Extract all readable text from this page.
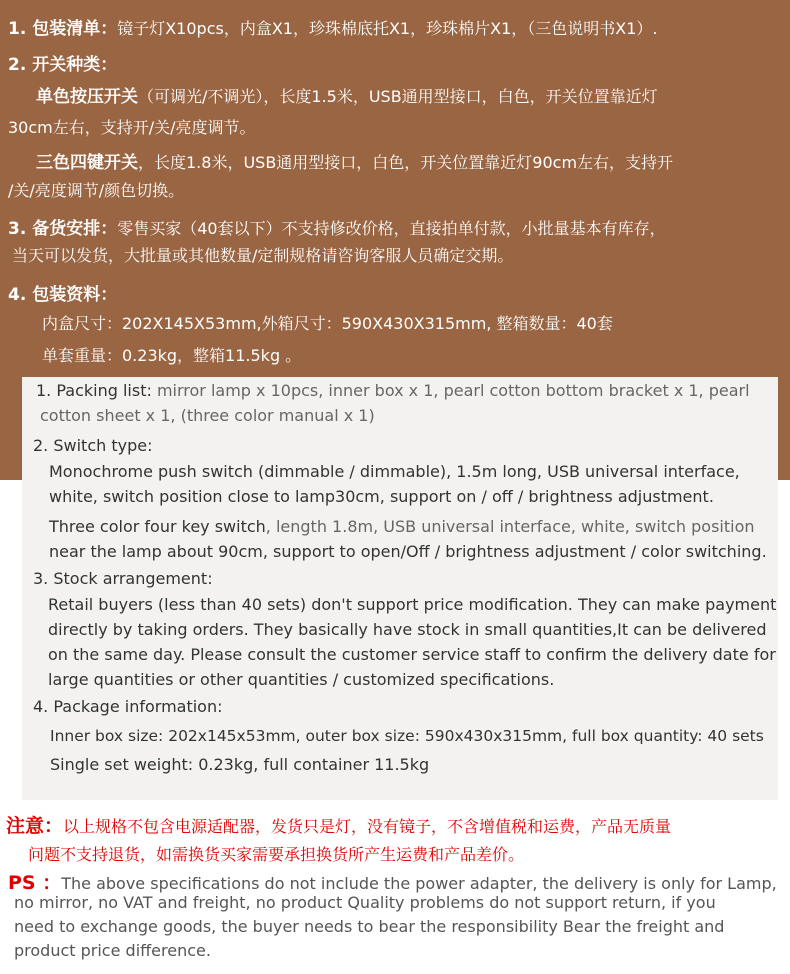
1. 包装清单：镜子灯X10pcs，内盒X1，珍珠棉底托X1，珍珠棉片X1，（三色说明书X1）.
2. 开关种类：
单色按压开关（可调光/不调光），长度1.5米，USB通用型接口，白色，开关位置靠近灯
30cm左右，支持开/关/亮度调节。
三色四键开关，长度1.8米，USB通用型接口，白色，开关位置靠近灯90cm左右，支持开
/关/亮度调节/颜色切换。
3. 备货安排：零售买家（40套以下）不支持修改价格，直接拍单付款，小批量基本有库存，
当天可以发货，大批量或其他数量/定制规格请咨询客服人员确定交期。
4. 包装资料：
内盒尺寸：202X145X53mm,外箱尺寸：590X430X315mm, 整箱数量：40套
单套重量：0.23kg，整箱11.5kg 。
1. Packing list: mirror lamp x 10pcs, inner box x 1, pearl cotton bottom bracket x 1, pearl
cotton sheet x 1, (three color manual x 1)
2. Switch type:
Monochrome push switch (dimmable / dimmable), 1.5m long, USB universal interface,
white, switch position close to lamp30cm, support on / off / brightness adjustment.
Three color four key switch, length 1.8m, USB universal interface, white, switch position
near the lamp about 90cm, support to open/Off / brightness adjustment / color switching.
3. Stock arrangement:
Retail buyers (less than 40 sets) don't support price modification. They can make payment
directly by taking orders. They basically have stock in small quantities,It can be delivered
on the same day. Please consult the customer service staff to confirm the delivery date for
large quantities or other quantities / customized specifications.
4. Package information:
Inner box size: 202x145x53mm, outer box size: 590x430x315mm, full box quantity: 40 sets
Single set weight: 0.23kg, full container 11.5kg
注意：以上规格不包含电源适配器，发货只是灯，没有镜子，不含增值税和运费，产品无质量
问题不支持退货，如需换货买家需要承担换货所产生运费和产品差价。
PS ：The above specifications do not include the power adapter, the delivery is only for Lamp,
no mirror, no VAT and freight, no product Quality problems do not support return, if you
need to exchange goods, the buyer needs to bear the responsibility Bear the freight and
product price difference.
